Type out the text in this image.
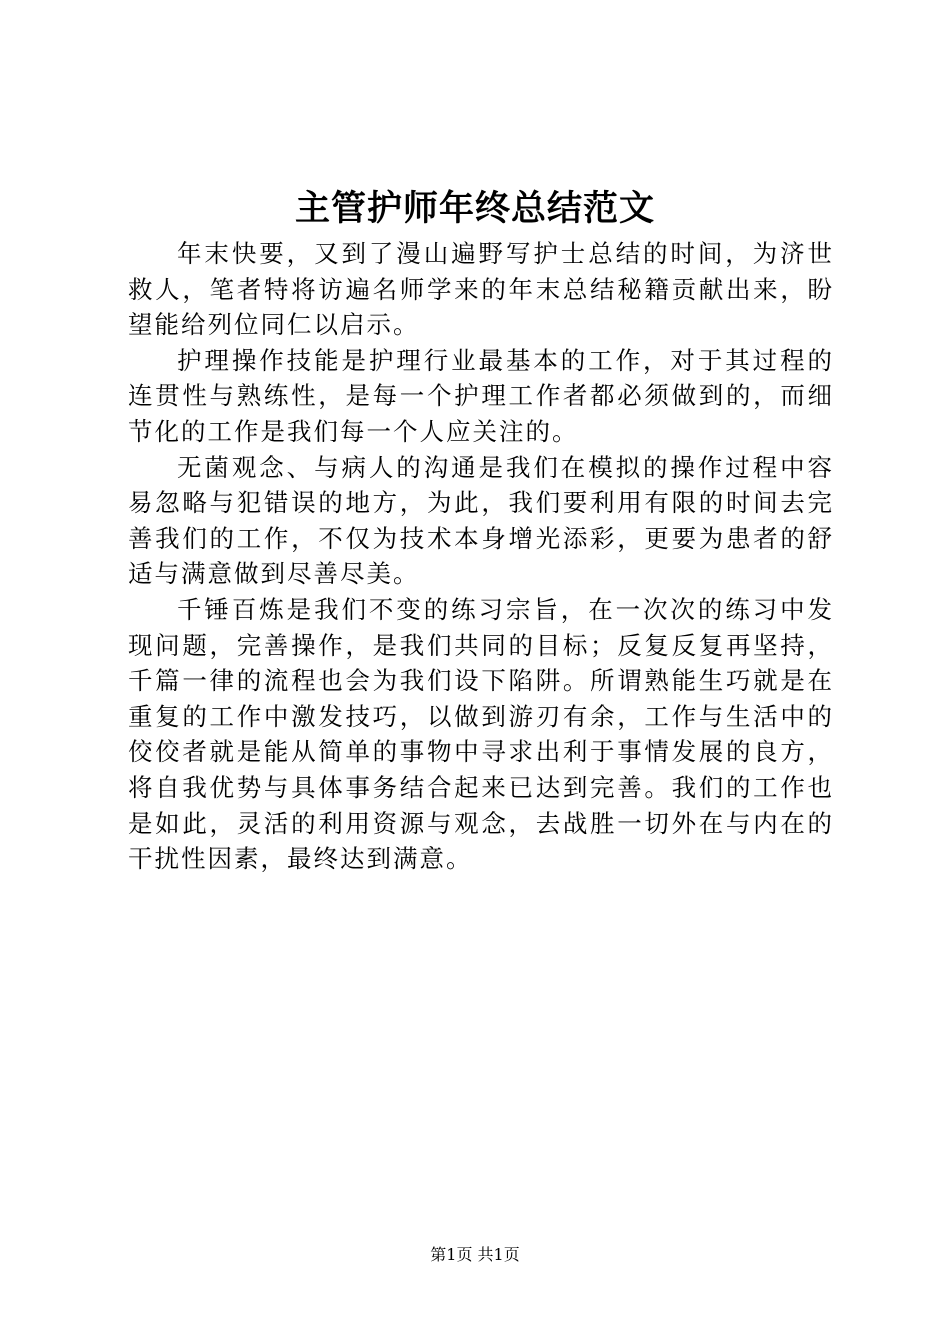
主管护师年终总结范文

年末快要，又到了漫山遍野写护士总结的时间，为济世救人，笔者特将访遍名师学来的年末总结秘籍贡献出来，盼望能给列位同仁以启示。

护理操作技能是护理行业最基本的工作，对于其过程的连贯性与熟练性，是每一个护理工作者都必须做到的，而细节化的工作是我们每一个人应关注的。

无菌观念、与病人的沟通是我们在模拟的操作过程中容易忽略与犯错误的地方，为此，我们要利用有限的时间去完善我们的工作，不仅为技术本身增光添彩，更要为患者的舒适与满意做到尽善尽美。

千锤百炼是我们不变的练习宗旨，在一次次的练习中发现问题，完善操作，是我们共同的目标；反复反复再坚持，千篇一律的流程也会为我们设下陷阱。所谓熟能生巧就是在重复的工作中激发技巧，以做到游刃有余，工作与生活中的佼佼者就是能从简单的事物中寻求出利于事情发展的良方，将自我优势与具体事务结合起来已达到完善。我们的工作也是如此，灵活的利用资源与观念，去战胜一切外在与内在的干扰性因素，最终达到满意。

第1页 共1页
